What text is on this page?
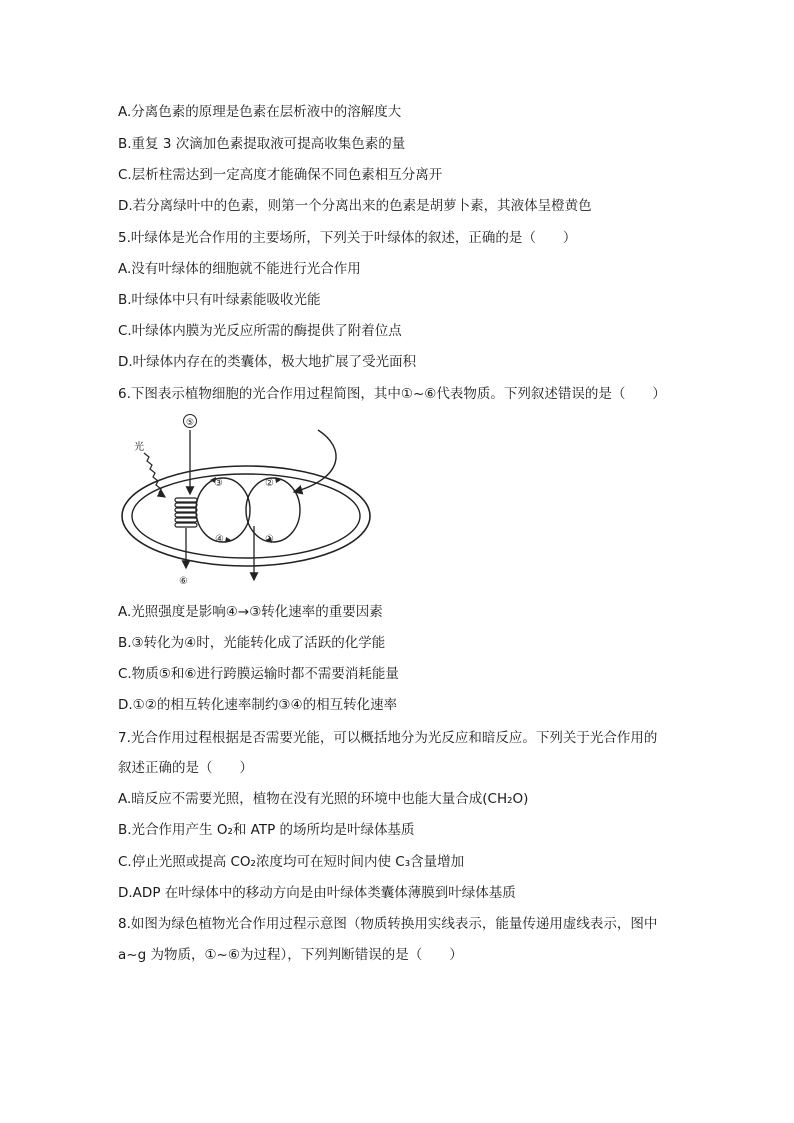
A.分离色素的原理是色素在层析液中的溶解度大
B.重复 3 次滴加色素提取液可提高收集色素的量
C.层析柱需达到一定高度才能确保不同色素相互分离开
D.若分离绿叶中的色素，则第一个分离出来的色素是胡萝卜素，其液体呈橙黄色
5.叶绿体是光合作用的主要场所，下列关于叶绿体的叙述，正确的是（　　）
A.没有叶绿体的细胞就不能进行光合作用
B.叶绿体中只有叶绿素能吸收光能
C.叶绿体内膜为光反应所需的酶提供了附着位点
D.叶绿体内存在的类囊体，极大地扩展了受光面积
6.下图表示植物细胞的光合作用过程简图，其中①~⑥代表物质。下列叙述错误的是（　　）
光
⑤
⑥
③	②
④	①
A.光照强度是影响④→③转化速率的重要因素
B.③转化为④时，光能转化成了活跃的化学能
C.物质⑤和⑥进行跨膜运输时都不需要消耗能量
D.①②的相互转化速率制约③④的相互转化速率
7.光合作用过程根据是否需要光能，可以概括地分为光反应和暗反应。下列关于光合作用的
叙述正确的是（　　）
A.暗反应不需要光照，植物在没有光照的环境中也能大量合成(CH₂O)
B.光合作用产生 O₂和 ATP 的场所均是叶绿体基质
C.停止光照或提高 CO₂浓度均可在短时间内使 C₃含量增加
D.ADP 在叶绿体中的移动方向是由叶绿体类囊体薄膜到叶绿体基质
8.如图为绿色植物光合作用过程示意图（物质转换用实线表示，能量传递用虚线表示，图中
a~g 为物质，①~⑥为过程），下列判断错误的是（　　）
